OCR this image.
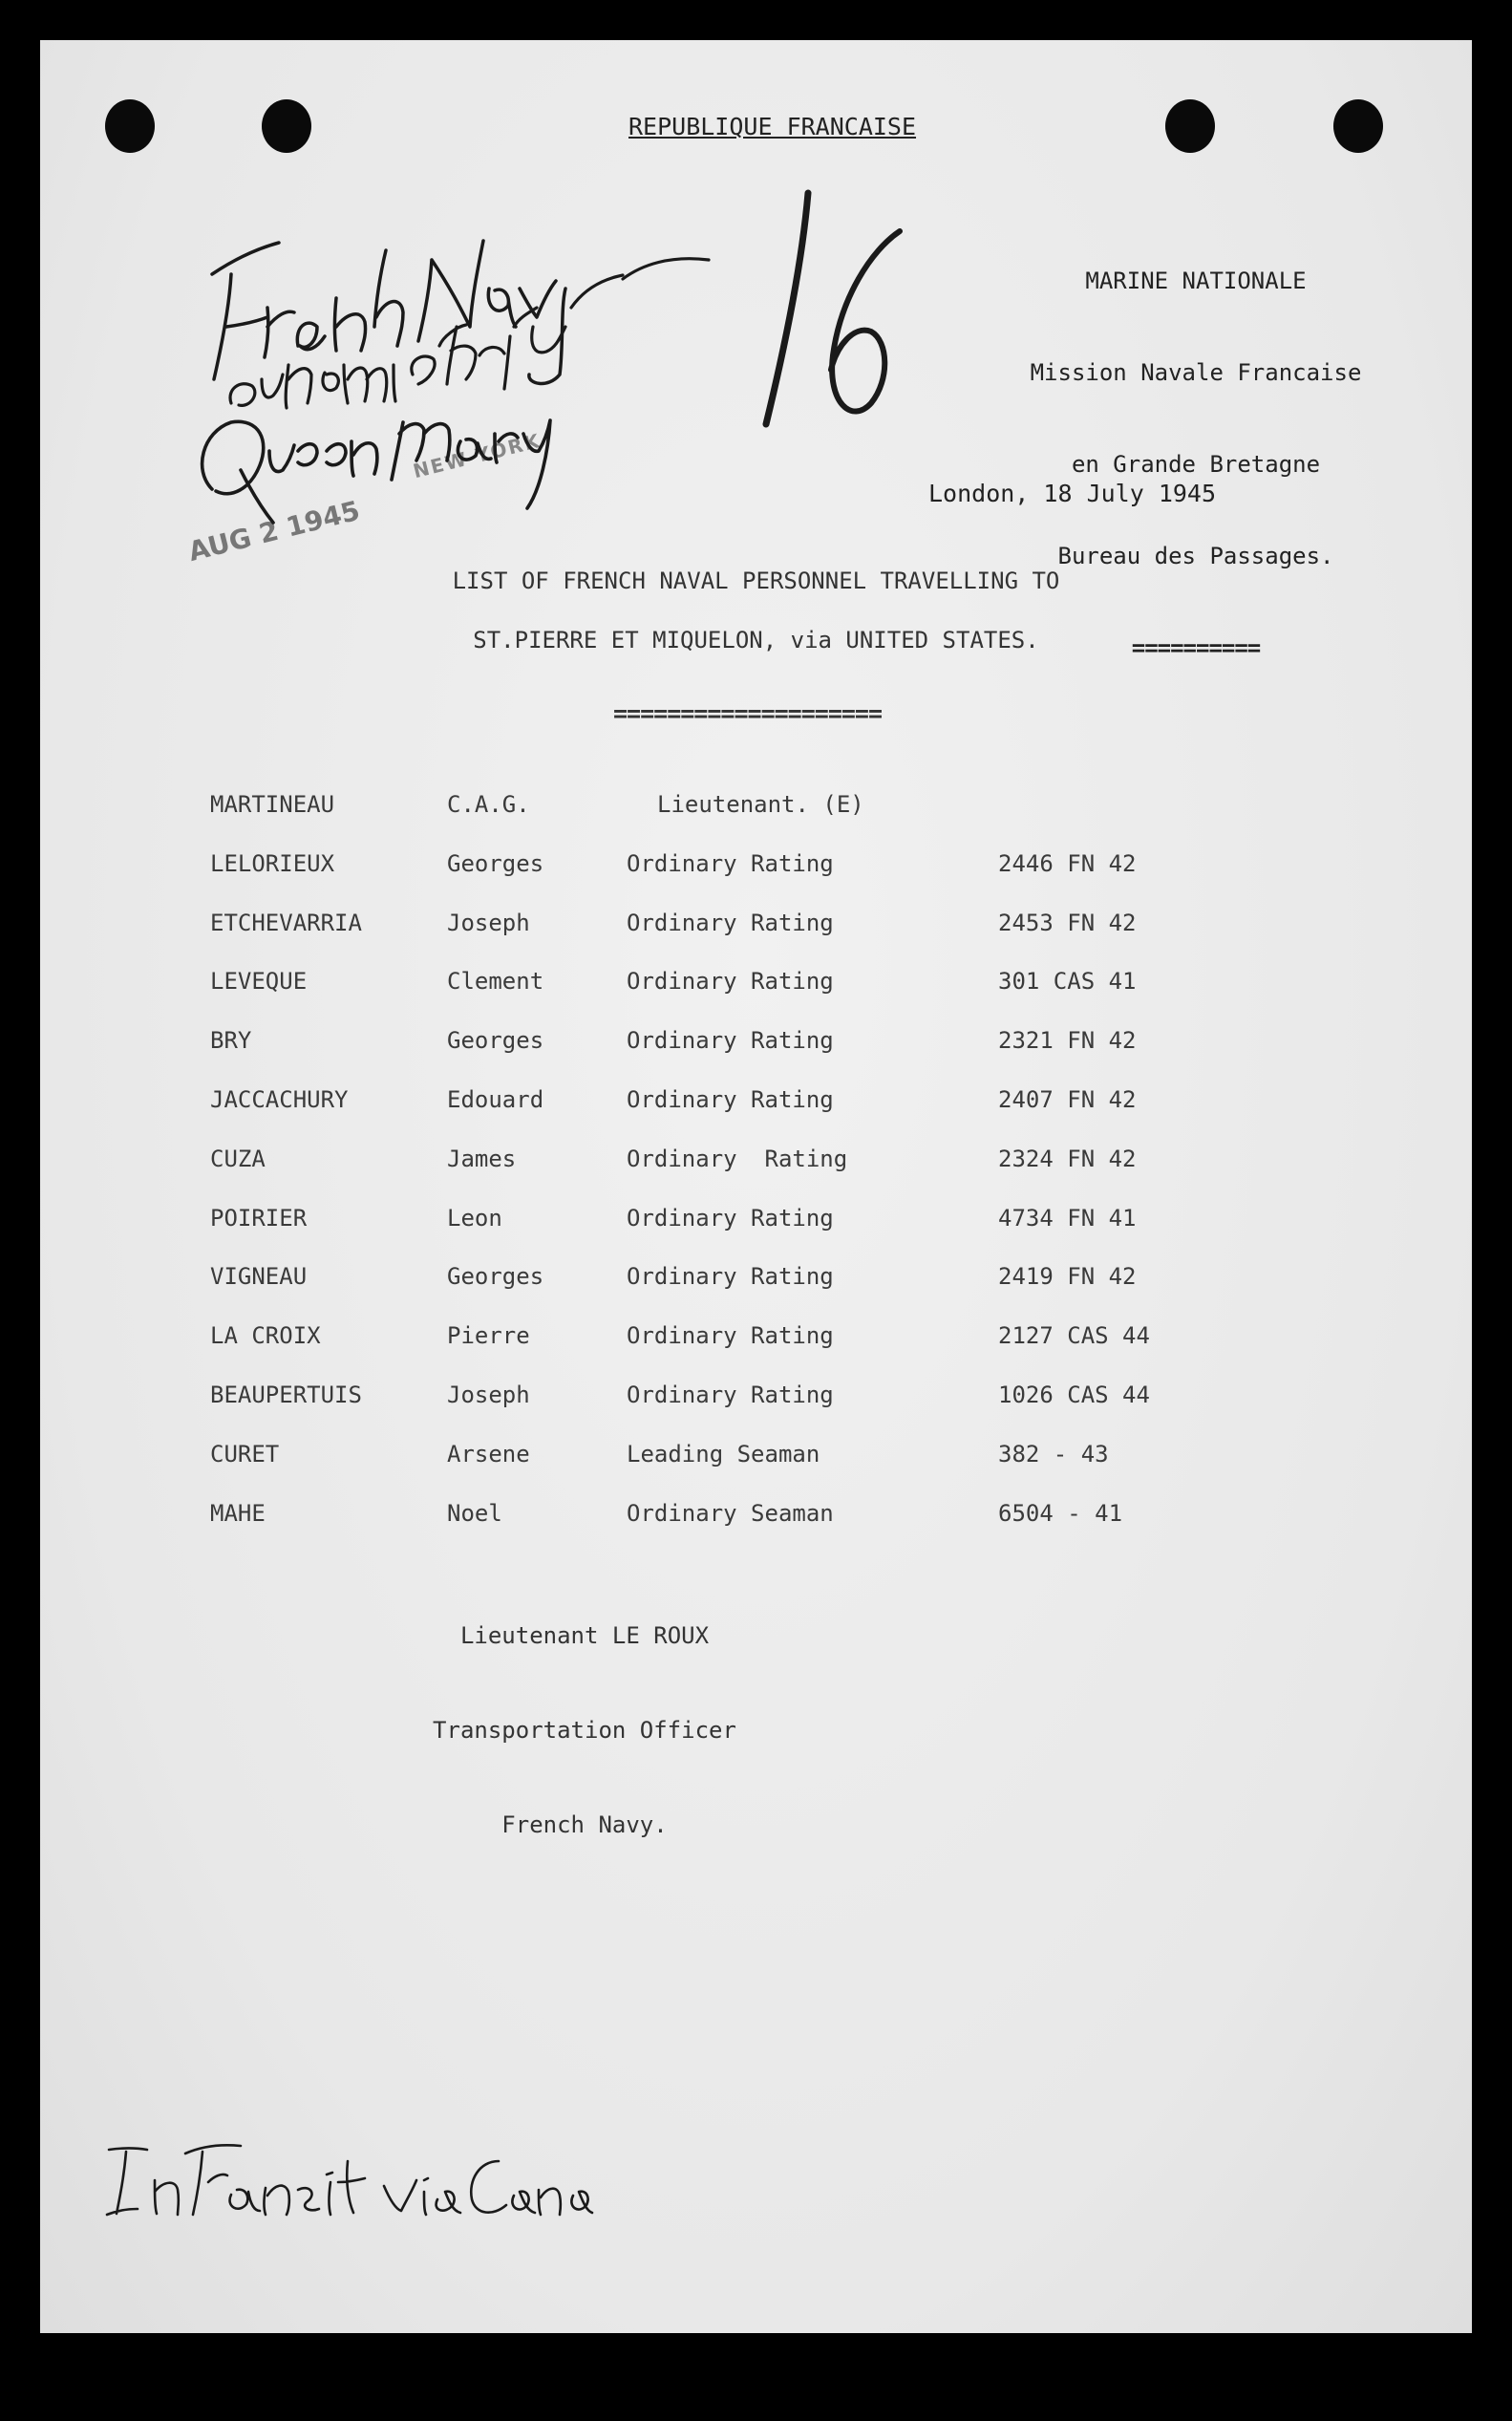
REPUBLIQUE FRANCAISE

MARINE NATIONALE

Mission Navale Francaise

en Grande Bretagne

Bureau des Passages.

==========

London, 18 July 1945
LIST OF FRENCH NAVAL PERSONNEL TRAVELLING TO
ST.PIERRE ET MIQUELON, via UNITED STATES.
====================
MARTINEAU	C.A.G.	Lieutenant. (E)
LELORIEUX	Georges	Ordinary Rating	2446 FN 42
ETCHEVARRIA	Joseph	Ordinary Rating	2453 FN 42
LEVEQUE	Clement	Ordinary Rating	301 CAS 41
BRY	Georges	Ordinary Rating	2321 FN 42
JACCACHURY	Edouard	Ordinary Rating	2407 FN 42
CUZA	James	Ordinary  Rating	2324 FN 42
POIRIER	Leon	Ordinary Rating	4734 FN 41
VIGNEAU	Georges	Ordinary Rating	2419 FN 42
LA CROIX	Pierre	Ordinary Rating	2127 CAS 44
BEAUPERTUIS	Joseph	Ordinary Rating	1026 CAS 44
CURET	Arsene	Leading Seaman	382 - 43
MAHE	Noel	Ordinary Seaman	6504 - 41

Lieutenant LE ROUX

Transportation Officer

French Navy.

NEW YORK
AUG 2 1945
